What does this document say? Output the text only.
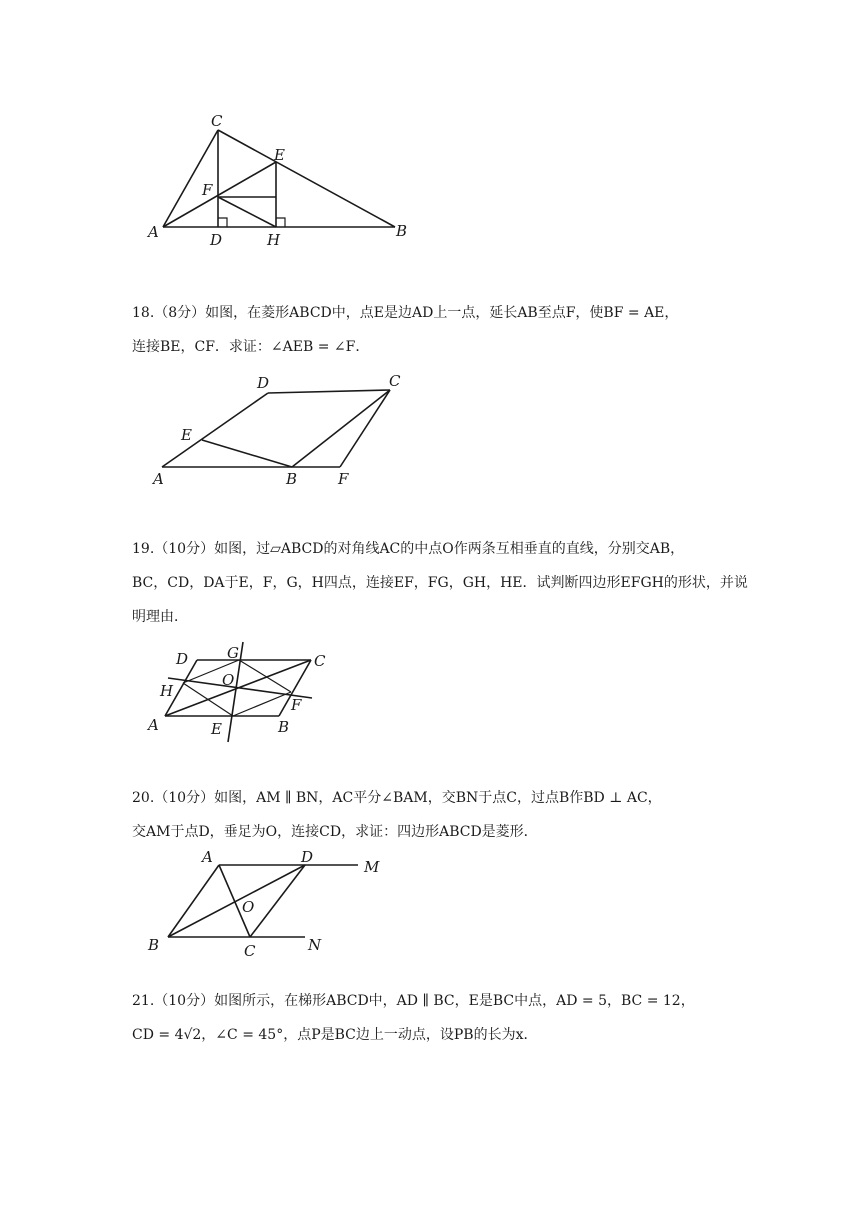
C
E
F
A	D	H	B

18.（8分）如图，在菱形ABCD中，点E是边AD上一点，延长AB至点F，使BF = AE，

连接BE，CF．求证：∠AEB = ∠F．

D	C
E
A	B	F

19.（10分）如图，过▱ABCD的对角线AC的中点O作两条互相垂直的直线，分别交AB，

BC，CD，DA于E，F，G，H四点，连接EF，FG，GH，HE．试判断四边形EFGH的形状，并说

明理由．

D	G	C
H
O
F
A	E	B

20.（10分）如图，AM ∥ BN，AC平分∠BAM，交BN于点C，过点B作BD ⊥ AC，

交AM于点D，垂足为O，连接CD，求证：四边形ABCD是菱形．

A	D
M
O
B	C	N

21.（10分）如图所示，在梯形ABCD中，AD ∥ BC，E是BC中点，AD = 5，BC = 12，

CD = 4√2，∠C = 45°，点P是BC边上一动点，设PB的长为x．
